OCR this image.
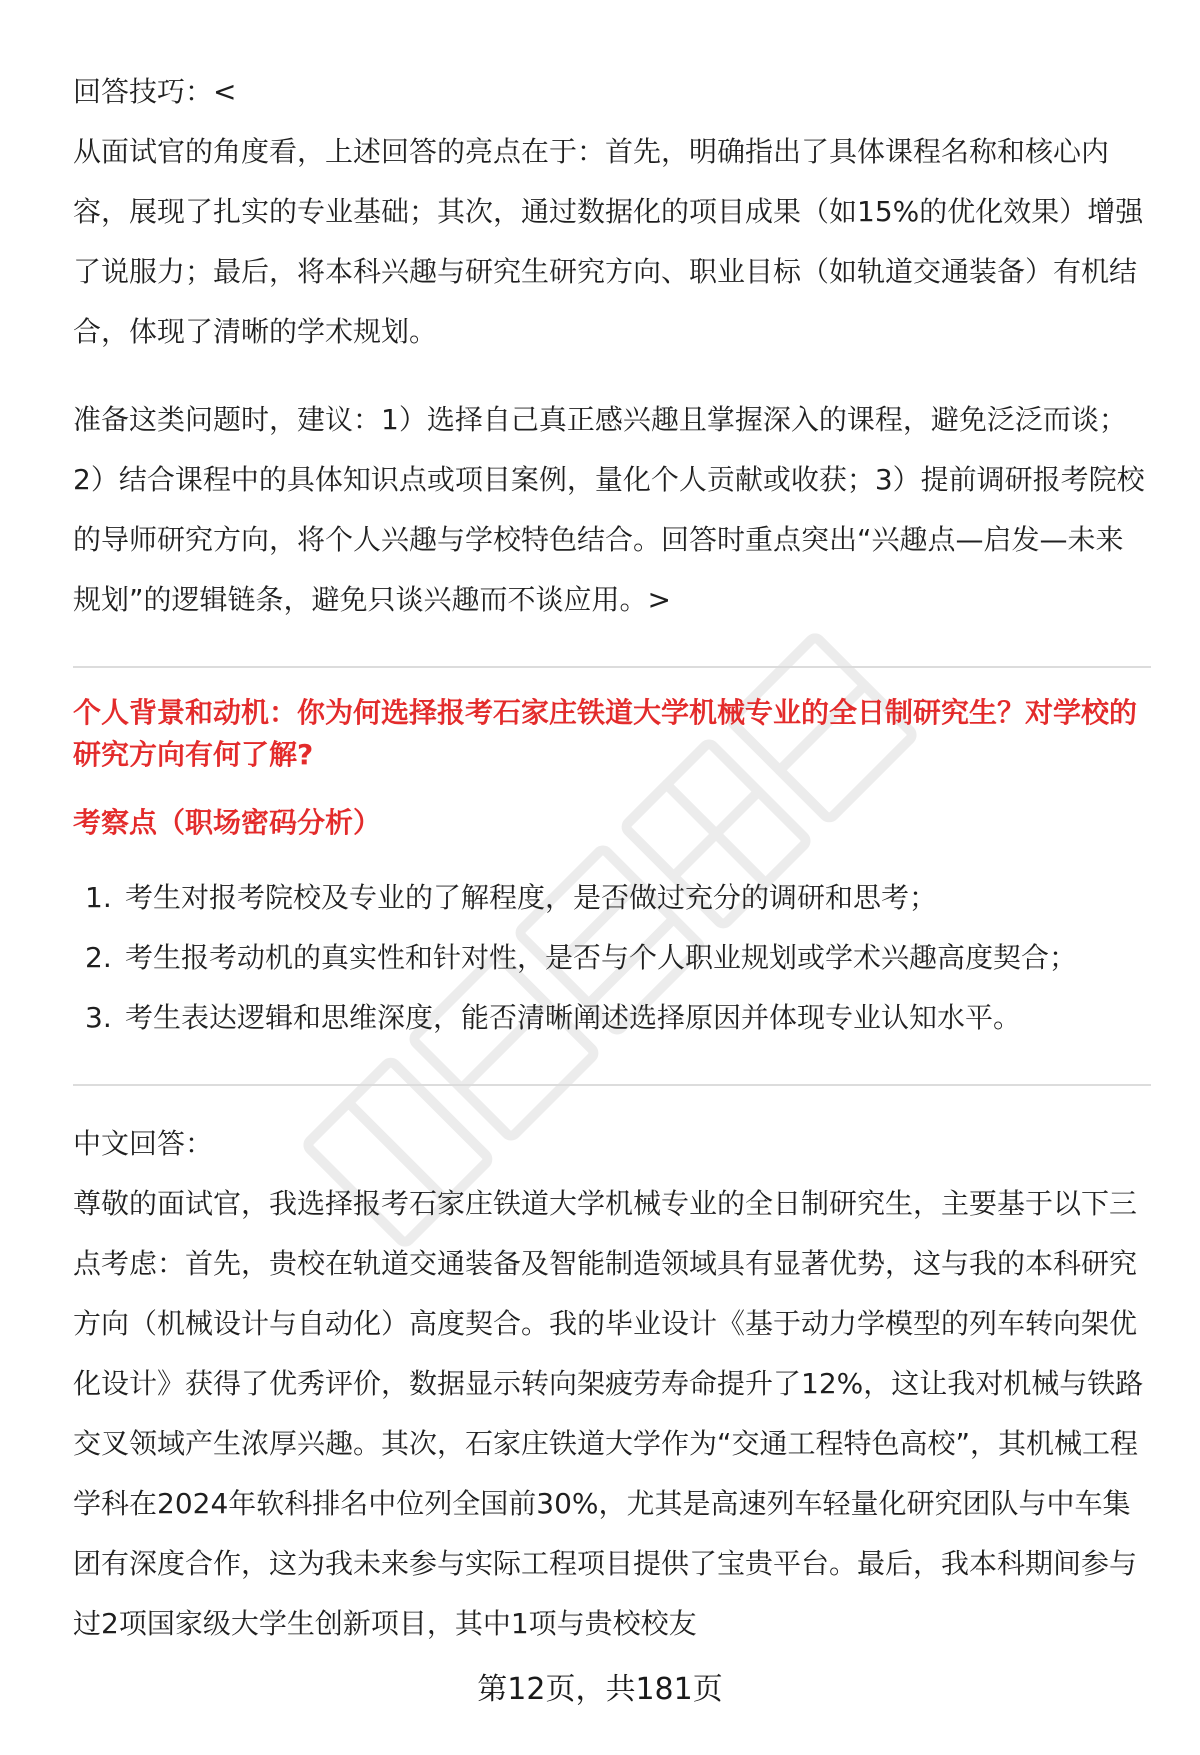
回答技巧：<

从面试官的角度看，上述回答的亮点在于：首先，明确指出了具体课程名称和核心内容，展现了扎实的专业基础；其次，通过数据化的项目成果（如15%的优化效果）增强了说服力；最后，将本科兴趣与研究生研究方向、职业目标（如轨道交通装备）有机结合，体现了清晰的学术规划。

准备这类问题时，建议：1）选择自己真正感兴趣且掌握深入的课程，避免泛泛而谈；2）结合课程中的具体知识点或项目案例，量化个人贡献或收获；3）提前调研报考院校的导师研究方向，将个人兴趣与学校特色结合。回答时重点突出“兴趣点—启发—未来规划”的逻辑链条，避免只谈兴趣而不谈应用。>

个人背景和动机：你为何选择报考石家庄铁道大学机械专业的全日制研究生？对学校的研究方向有何了解?

考察点（职场密码分析）

1. 考生对报考院校及专业的了解程度，是否做过充分的调研和思考；
2. 考生报考动机的真实性和针对性，是否与个人职业规划或学术兴趣高度契合；
3. 考生表达逻辑和思维深度，能否清晰阐述选择原因并体现专业认知水平。

中文回答：

尊敬的面试官，我选择报考石家庄铁道大学机械专业的全日制研究生，主要基于以下三点考虑：首先，贵校在轨道交通装备及智能制造领域具有显著优势，这与我的本科研究方向（机械设计与自动化）高度契合。我的毕业设计《基于动力学模型的列车转向架优化设计》获得了优秀评价，数据显示转向架疲劳寿命提升了12%，这让我对机械与铁路交叉领域产生浓厚兴趣。其次，石家庄铁道大学作为“交通工程特色高校”，其机械工程学科在2024年软科排名中位列全国前30%，尤其是高速列车轻量化研究团队与中车集团有深度合作，这为我未来参与实际工程项目提供了宝贵平台。最后，我本科期间参与过2项国家级大学生创新项目，其中1项与贵校校友

第12页，共181页
